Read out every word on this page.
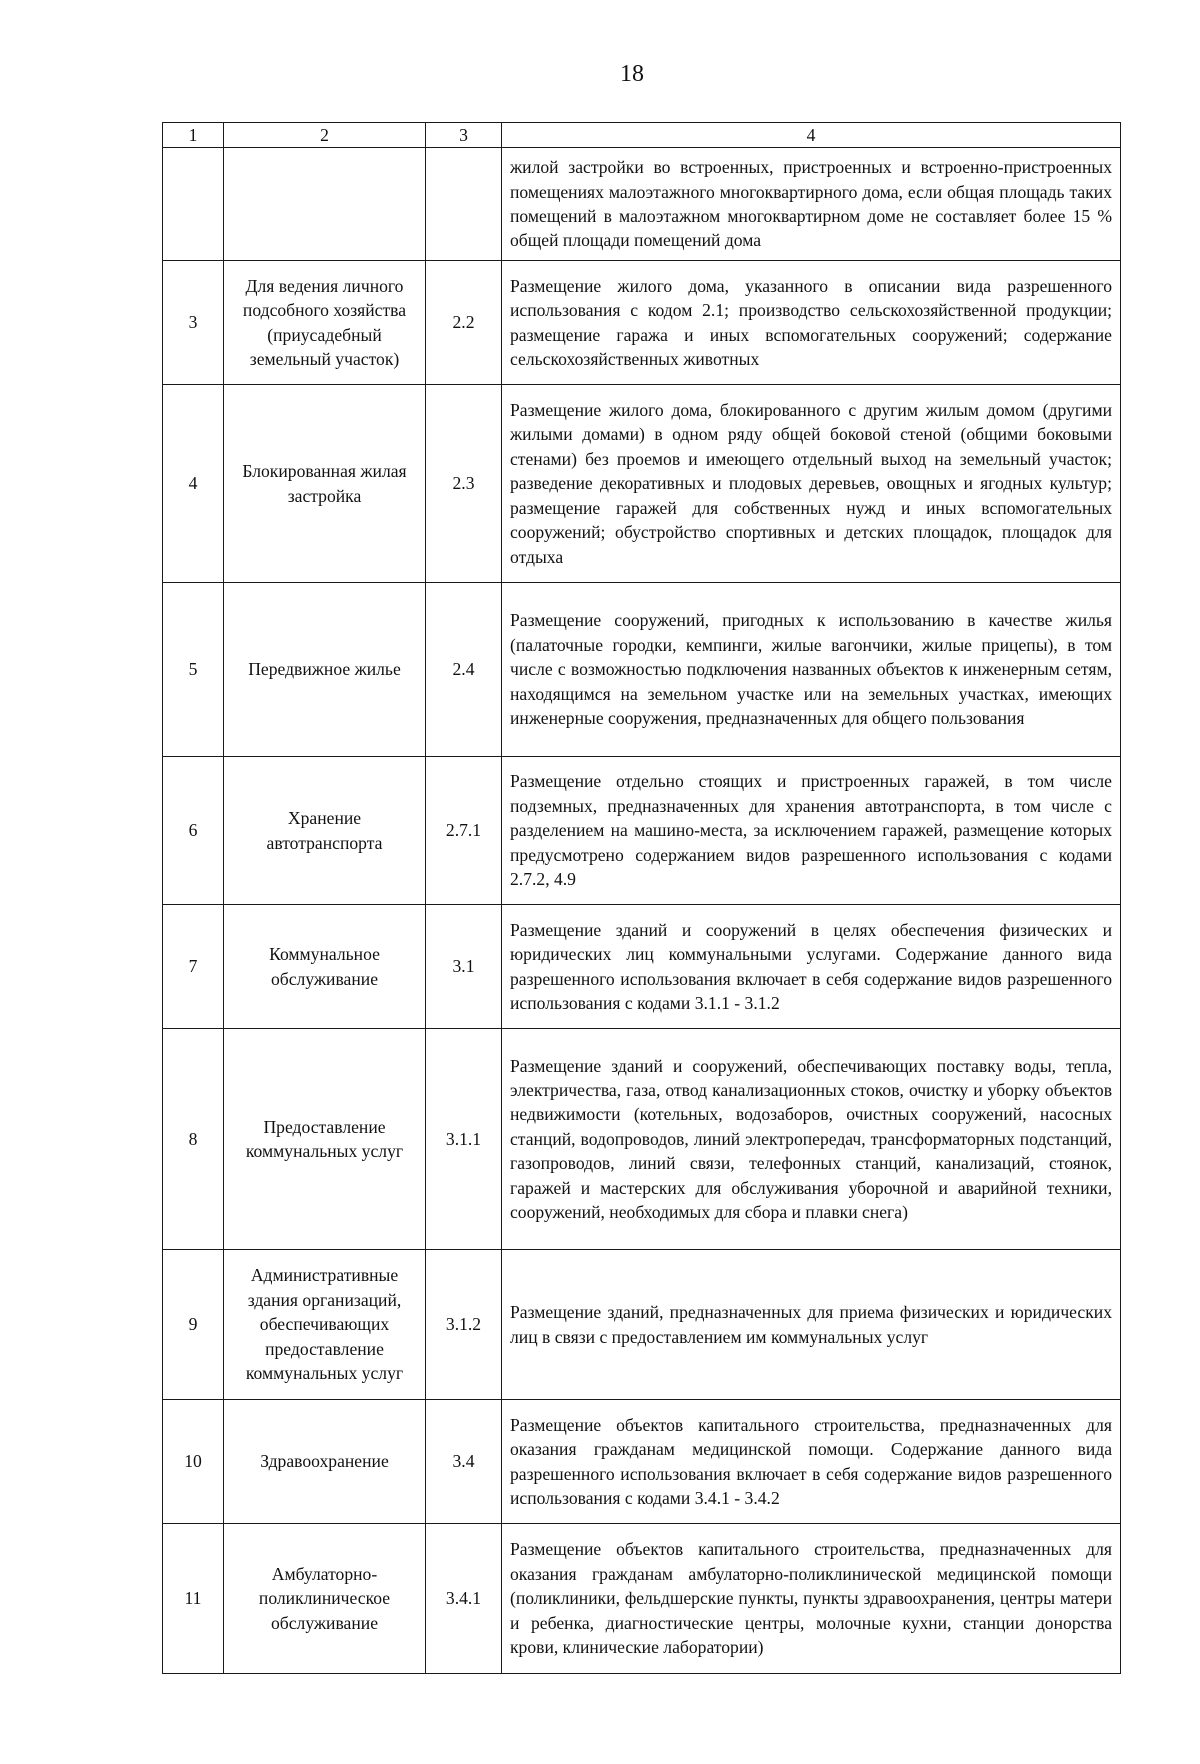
18
1	2	3	4
			жилой застройки во встроенных, пристроенных и встроенно-пристроенных помещениях малоэтажного многоквартирного дома, если общая площадь таких помещений в малоэтажном многоквартирном доме не составляет более 15 % общей площади помещений дома
3	Для ведения личного подсобного хозяйства (приусадебный земельный участок)	2.2	Размещение жилого дома, указанного в описании вида разрешенного использования с кодом 2.1; производство сельскохозяйственной продукции; размещение гаража и иных вспомогательных сооружений; содержание сельскохозяйственных животных
4	Блокированная жилая застройка	2.3	Размещение жилого дома, блокированного с другим жилым домом (другими жилыми домами) в одном ряду общей боковой стеной (общими боковыми стенами) без проемов и имеющего отдельный выход на земельный участок; разведение декоративных и плодовых деревьев, овощных и ягодных культур; размещение гаражей для собственных нужд и иных вспомогательных сооружений; обустройство спортивных и детских площадок, площадок для отдыха
5	Передвижное жилье	2.4	Размещение сооружений, пригодных к использованию в качестве жилья (палаточные городки, кемпинги, жилые вагончики, жилые прицепы), в том числе с возможностью подключения названных объектов к инженерным сетям, находящимся на земельном участке или на земельных участках, имеющих инженерные сооружения, предназначенных для общего пользования
6	Хранение автотранспорта	2.7.1	Размещение отдельно стоящих и пристроенных гаражей, в том числе подземных, предназначенных для хранения автотранспорта, в том числе с разделением на машино-места, за исключением гаражей, размещение которых предусмотрено содержанием видов разрешенного использования с кодами 2.7.2, 4.9
7	Коммунальное обслуживание	3.1	Размещение зданий и сооружений в целях обеспечения физических и юридических лиц коммунальными услугами. Содержание данного вида разрешенного использования включает в себя содержание видов разрешенного использования с кодами 3.1.1 - 3.1.2
8	Предоставление коммунальных услуг	3.1.1	Размещение зданий и сооружений, обеспечивающих поставку воды, тепла, электричества, газа, отвод канализационных стоков, очистку и уборку объектов недвижимости (котельных, водозаборов, очистных сооружений, насосных станций, водопроводов, линий электропередач, трансформаторных подстанций, газопроводов, линий связи, телефонных станций, канализаций, стоянок, гаражей и мастерских для обслуживания уборочной и аварийной техники, сооружений, необходимых для сбора и плавки снега)
9	Административные здания организаций, обеспечивающих предоставление коммунальных услуг	3.1.2	Размещение зданий, предназначенных для приема физических и юридических лиц в связи с предоставлением им коммунальных услуг
10	Здравоохранение	3.4	Размещение объектов капитального строительства, предназначенных для оказания гражданам медицинской помощи. Содержание данного вида разрешенного использования включает в себя содержание видов разрешенного использования с кодами 3.4.1 - 3.4.2
11	Амбулаторно-поликлиническое обслуживание	3.4.1	Размещение объектов капитального строительства, предназначенных для оказания гражданам амбулаторно-поликлинической медицинской помощи (поликлиники, фельдшерские пункты, пункты здравоохранения, центры матери и ребенка, диагностические центры, молочные кухни, станции донорства крови, клинические лаборатории)
